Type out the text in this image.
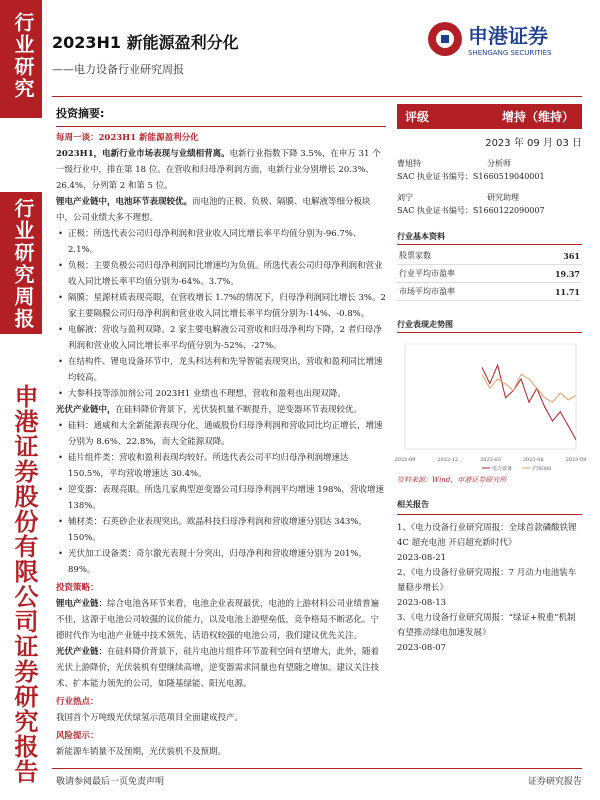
行业研究
行业研究周报
申港证券股份有限公司证券研究报告
2023H1 新能源盈利分化
——电力设备行业研究周报
申港证券
SHENGANG SECURITIES
投资摘要:
每周一谈：2023H1 新能源盈利分化
2023H1，电新行业市场表现与业绩相背离。电新行业指数下降 3.5%，在申万 31 个一级行业中，排在第 18 位。在营收和归母净利润方面，电新行业分别增长 20.3%、26.4%，分列第 2 和第 5 位。
锂电产业链中，电池环节表现较优。而电池的正极、负极、隔膜、电解液等细分板块中，公司业绩大多不理想。
• 正极：所选代表公司归母净利润和营业收入同比增长率平均值分别为-96.7%、2.1%。
• 负极：主要负极公司归母净利润同比增速均为负值。所选代表公司归母净利润和营业收入同比增长率平均值分别为-64%、3.7%。
• 隔膜：星源材质表现亮眼，在营收增长 1.7%的情况下，归母净利润同比增长 3%。2 家主要隔膜公司归母净利润和营业收入同比增长率平均值分别为-14%、-0.8%。
• 电解液：营收与盈利双降。2 家主要电解液公司营收和归母净利均下降，2 者归母净利润和营业收入同比增长率平均值分别为-52%、-27%。
• 在结构件、锂电设备环节中，龙头科达利和先导智能表现突出，营收和盈利同比增速均较高。
• 大参科技等添加剂公司 2023H1 业绩也不理想，营收和盈利也出现双降。
光伏产业链中，在硅料降价背景下，光伏装机量不断提升，逆变器环节表现较优。
• 硅料：通威和大全新能源表现分化，通威股份归母净利润和营收同比均正增长，增速分别为 8.6%、22.8%，而大全能源双降。
• 硅片组件类：营收和盈利表现均较好。所选代表公司平均归母净利润增速达 150.5%，平均营收增速达 30.4%。
• 逆变器：表现亮眼。所选几家典型逆变器公司归母净利润平均增速 198%，营收增速 138%。
• 辅材类：石英砂企业表现突出。欧晶科技归母净利润和营收增速分别达 343%，150%。
• 光伏加工设备类：奇尔激光表现十分突出，归母净利和营收增速分别为 201%，89%。
投资策略：
锂电产业链：综合电池各环节来看，电池企业表现最优，电池的上游材料公司业绩普遍不佳，这源于电池公司较强的议价能力，以及电池上游壁垒低，竞争格局不断恶化。宁德时代作为电池产业链中技术领先、话语权较强的电池公司，我们建议优先关注。
光伏产业链：在硅料降价背景下，硅片电池片组件环节盈利空间有望增大，此外，随着光伏上游降价，光伏装机有望继续高增，逆变器需求同量也有望随之增加。建议关注技术、扩本能力领先的公司，如隆基绿能、阳光电源。
行业热点：
我国首个万吨级光伏绿氢示范项目全面建成投产。
风险提示：
新能源车销量不及预期，光伏装机不及预期。
评级	增持（维持）
2023 年 09 月 03 日
曹旭特	分析师
SAC 执业证书编号：S1660519040001
刘宁	研究助理
SAC 执业证书编号：S1660122090007
行业基本资料
股票家数	361
行业平均市盈率	19.37
市场平均市盈率	11.71
行业表现走势图
2022-09	2022-12	2023-03	2023-06	2023-09
电力设备	沪深300
资料来源：Wind，申港证券研究所
相关报告
1、《电力设备行业研究周报：全球首款磷酸铁锂 4C 超充电池 开启超充新时代》
2023-08-21
2、《电力设备行业研究周报：7 月动力电池装车量稳步增长》
2023-08-13
3、《电力设备行业研究周报：“绿证+税重”机制有望推动绿电加速发展》
2023-08-07
敬请参阅最后一页免责声明	证券研究报告
